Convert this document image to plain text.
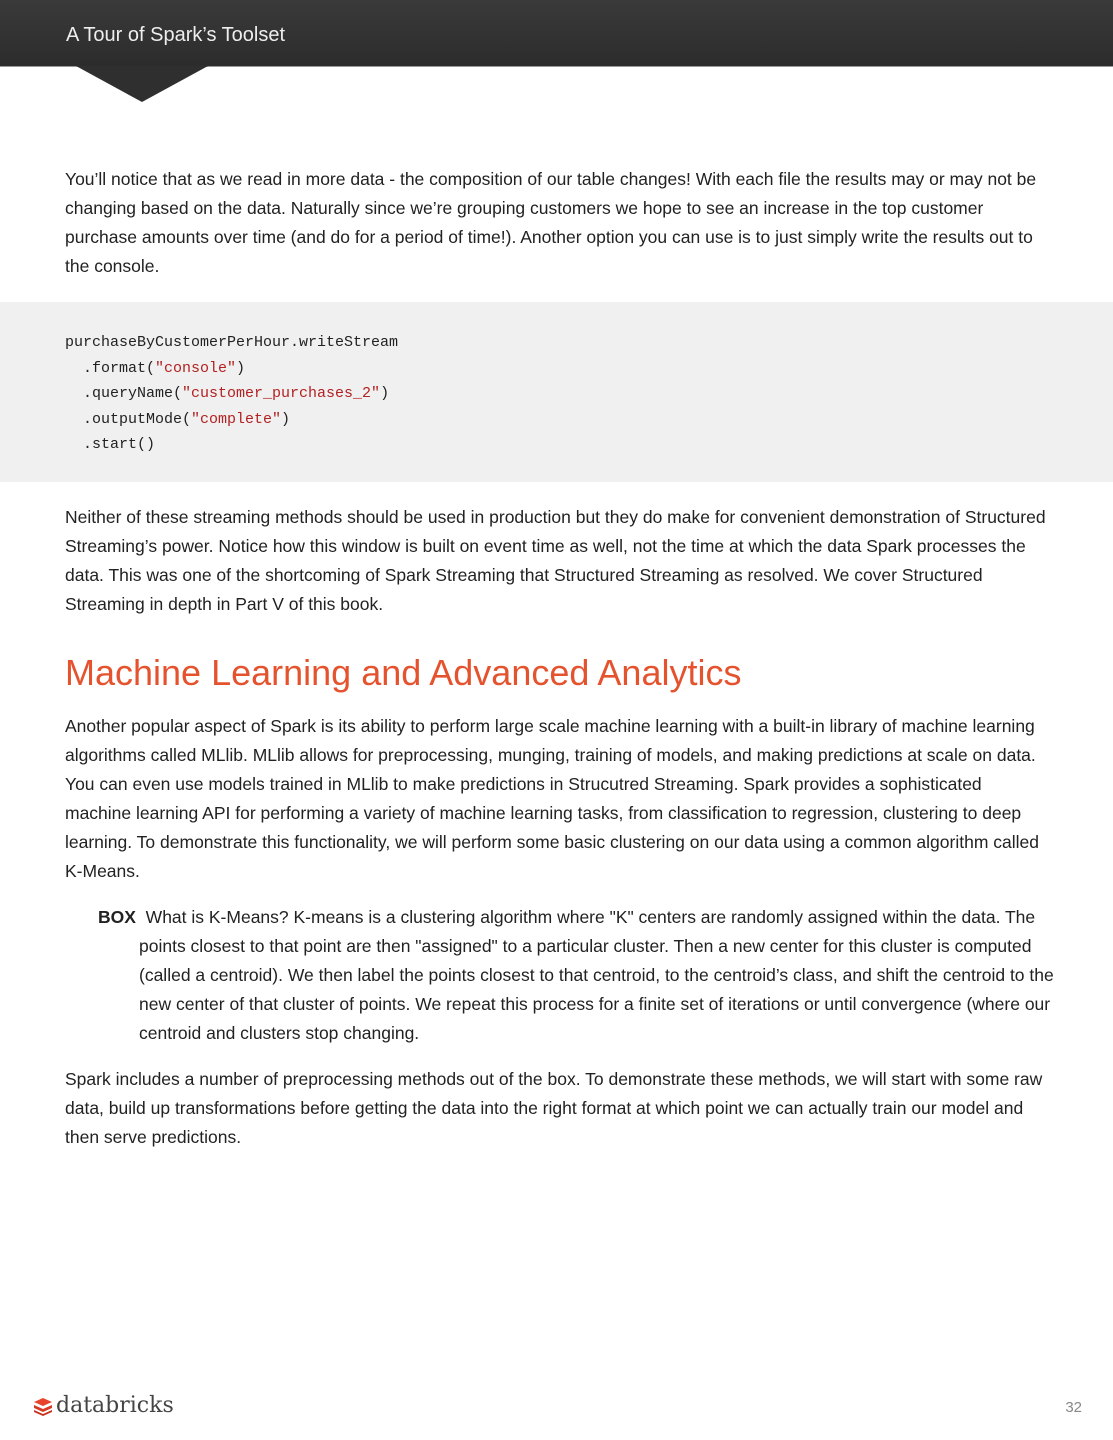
A Tour of Spark’s Toolset

You’ll notice that as we read in more data - the composition of our table changes! With each file the results may or may not be changing based on the data. Naturally since we’re grouping customers we hope to see an increase in the top customer purchase amounts over time (and do for a period of time!). Another option you can use is to just simply write the results out to the console.

purchaseByCustomerPerHour.writeStream
.format("console")
.queryName("customer_purchases_2")
.outputMode("complete")
.start()

Neither of these streaming methods should be used in production but they do make for convenient demonstration of Structured Streaming’s power. Notice how this window is built on event time as well, not the time at which the data Spark processes the data. This was one of the shortcoming of Spark Streaming that Structured Streaming as resolved. We cover Structured Streaming in depth in Part V of this book.

Machine Learning and Advanced Analytics

Another popular aspect of Spark is its ability to perform large scale machine learning with a built-in library of machine learning algorithms called MLlib. MLlib allows for preprocessing, munging, training of models, and making predictions at scale on data. You can even use models trained in MLlib to make predictions in Strucutred Streaming. Spark provides a sophisticated machine learning API for performing a variety of machine learning tasks, from classification to regression, clustering to deep learning. To demonstrate this functionality, we will perform some basic clustering on our data using a common algorithm called K-Means.

BOX What is K-Means? K-means is a clustering algorithm where "K" centers are randomly assigned within the data. The points closest to that point are then "assigned" to a particular cluster. Then a new center for this cluster is computed (called a centroid). We then label the points closest to that centroid, to the centroid’s class, and shift the centroid to the new center of that cluster of points. We repeat this process for a finite set of iterations or until convergence (where our centroid and clusters stop changing.

Spark includes a number of preprocessing methods out of the box. To demonstrate these methods, we will start with some raw data, build up transformations before getting the data into the right format at which point we can actually train our model and then serve predictions.

databricks	32
